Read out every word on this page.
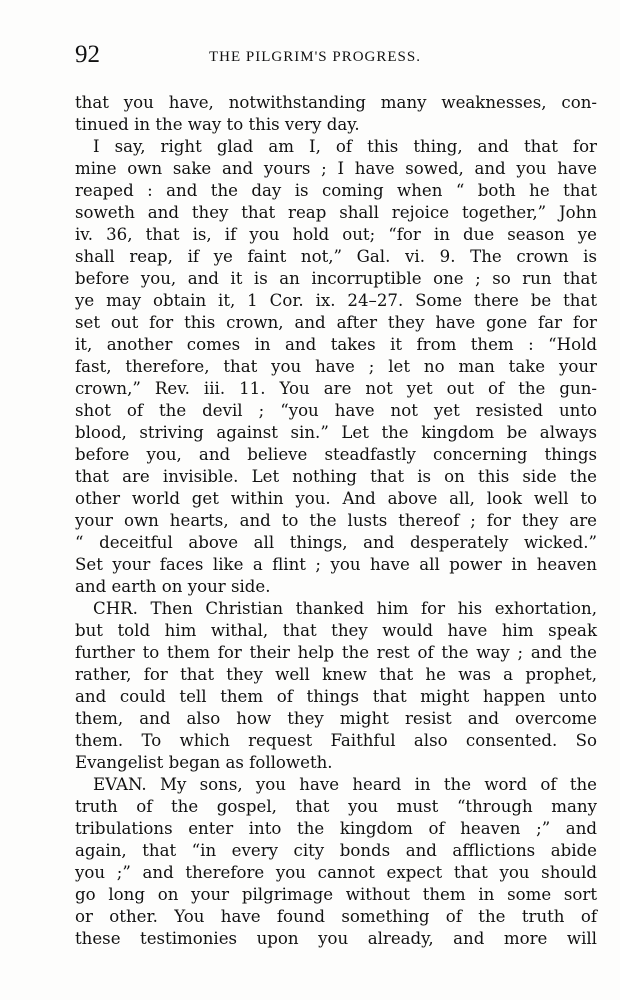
92	THE PILGRIM'S PROGRESS.
that you have, notwithstanding many weaknesses, con-
tinued in the way to this very day.
I say, right glad am I, of this thing, and that for
mine own sake and yours ; I have sowed, and you have
reaped : and the day is coming when “ both he that
soweth and they that reap shall rejoice together,” John
iv. 36, that is, if you hold out; “for in due season ye
shall reap, if ye faint not,” Gal. vi. 9. The crown is
before you, and it is an incorruptible one ; so run that
ye may obtain it, 1 Cor. ix. 24–27. Some there be that
set out for this crown, and after they have gone far for
it, another comes in and takes it from them : “Hold
fast, therefore, that you have ; let no man take your
crown,” Rev. iii. 11. You are not yet out of the gun-
shot of the devil ; “you have not yet resisted unto
blood, striving against sin.” Let the kingdom be always
before you, and believe steadfastly concerning things
that are invisible. Let nothing that is on this side the
other world get within you. And above all, look well to
your own hearts, and to the lusts thereof ; for they are
“ deceitful above all things, and desperately wicked.”
Set your faces like a flint ; you have all power in heaven
and earth on your side.
CHR. Then Christian thanked him for his exhortation,
but told him withal, that they would have him speak
further to them for their help the rest of the way ; and the
rather, for that they well knew that he was a prophet,
and could tell them of things that might happen unto
them, and also how they might resist and overcome
them. To which request Faithful also consented. So
Evangelist began as followeth.
EVAN. My sons, you have heard in the word of the
truth of the gospel, that you must “through many
tribulations enter into the kingdom of heaven ;” and
again, that “in every city bonds and afflictions abide
you ;” and therefore you cannot expect that you should
go long on your pilgrimage without them in some sort
or other. You have found something of the truth of
these testimonies upon you already, and more will
